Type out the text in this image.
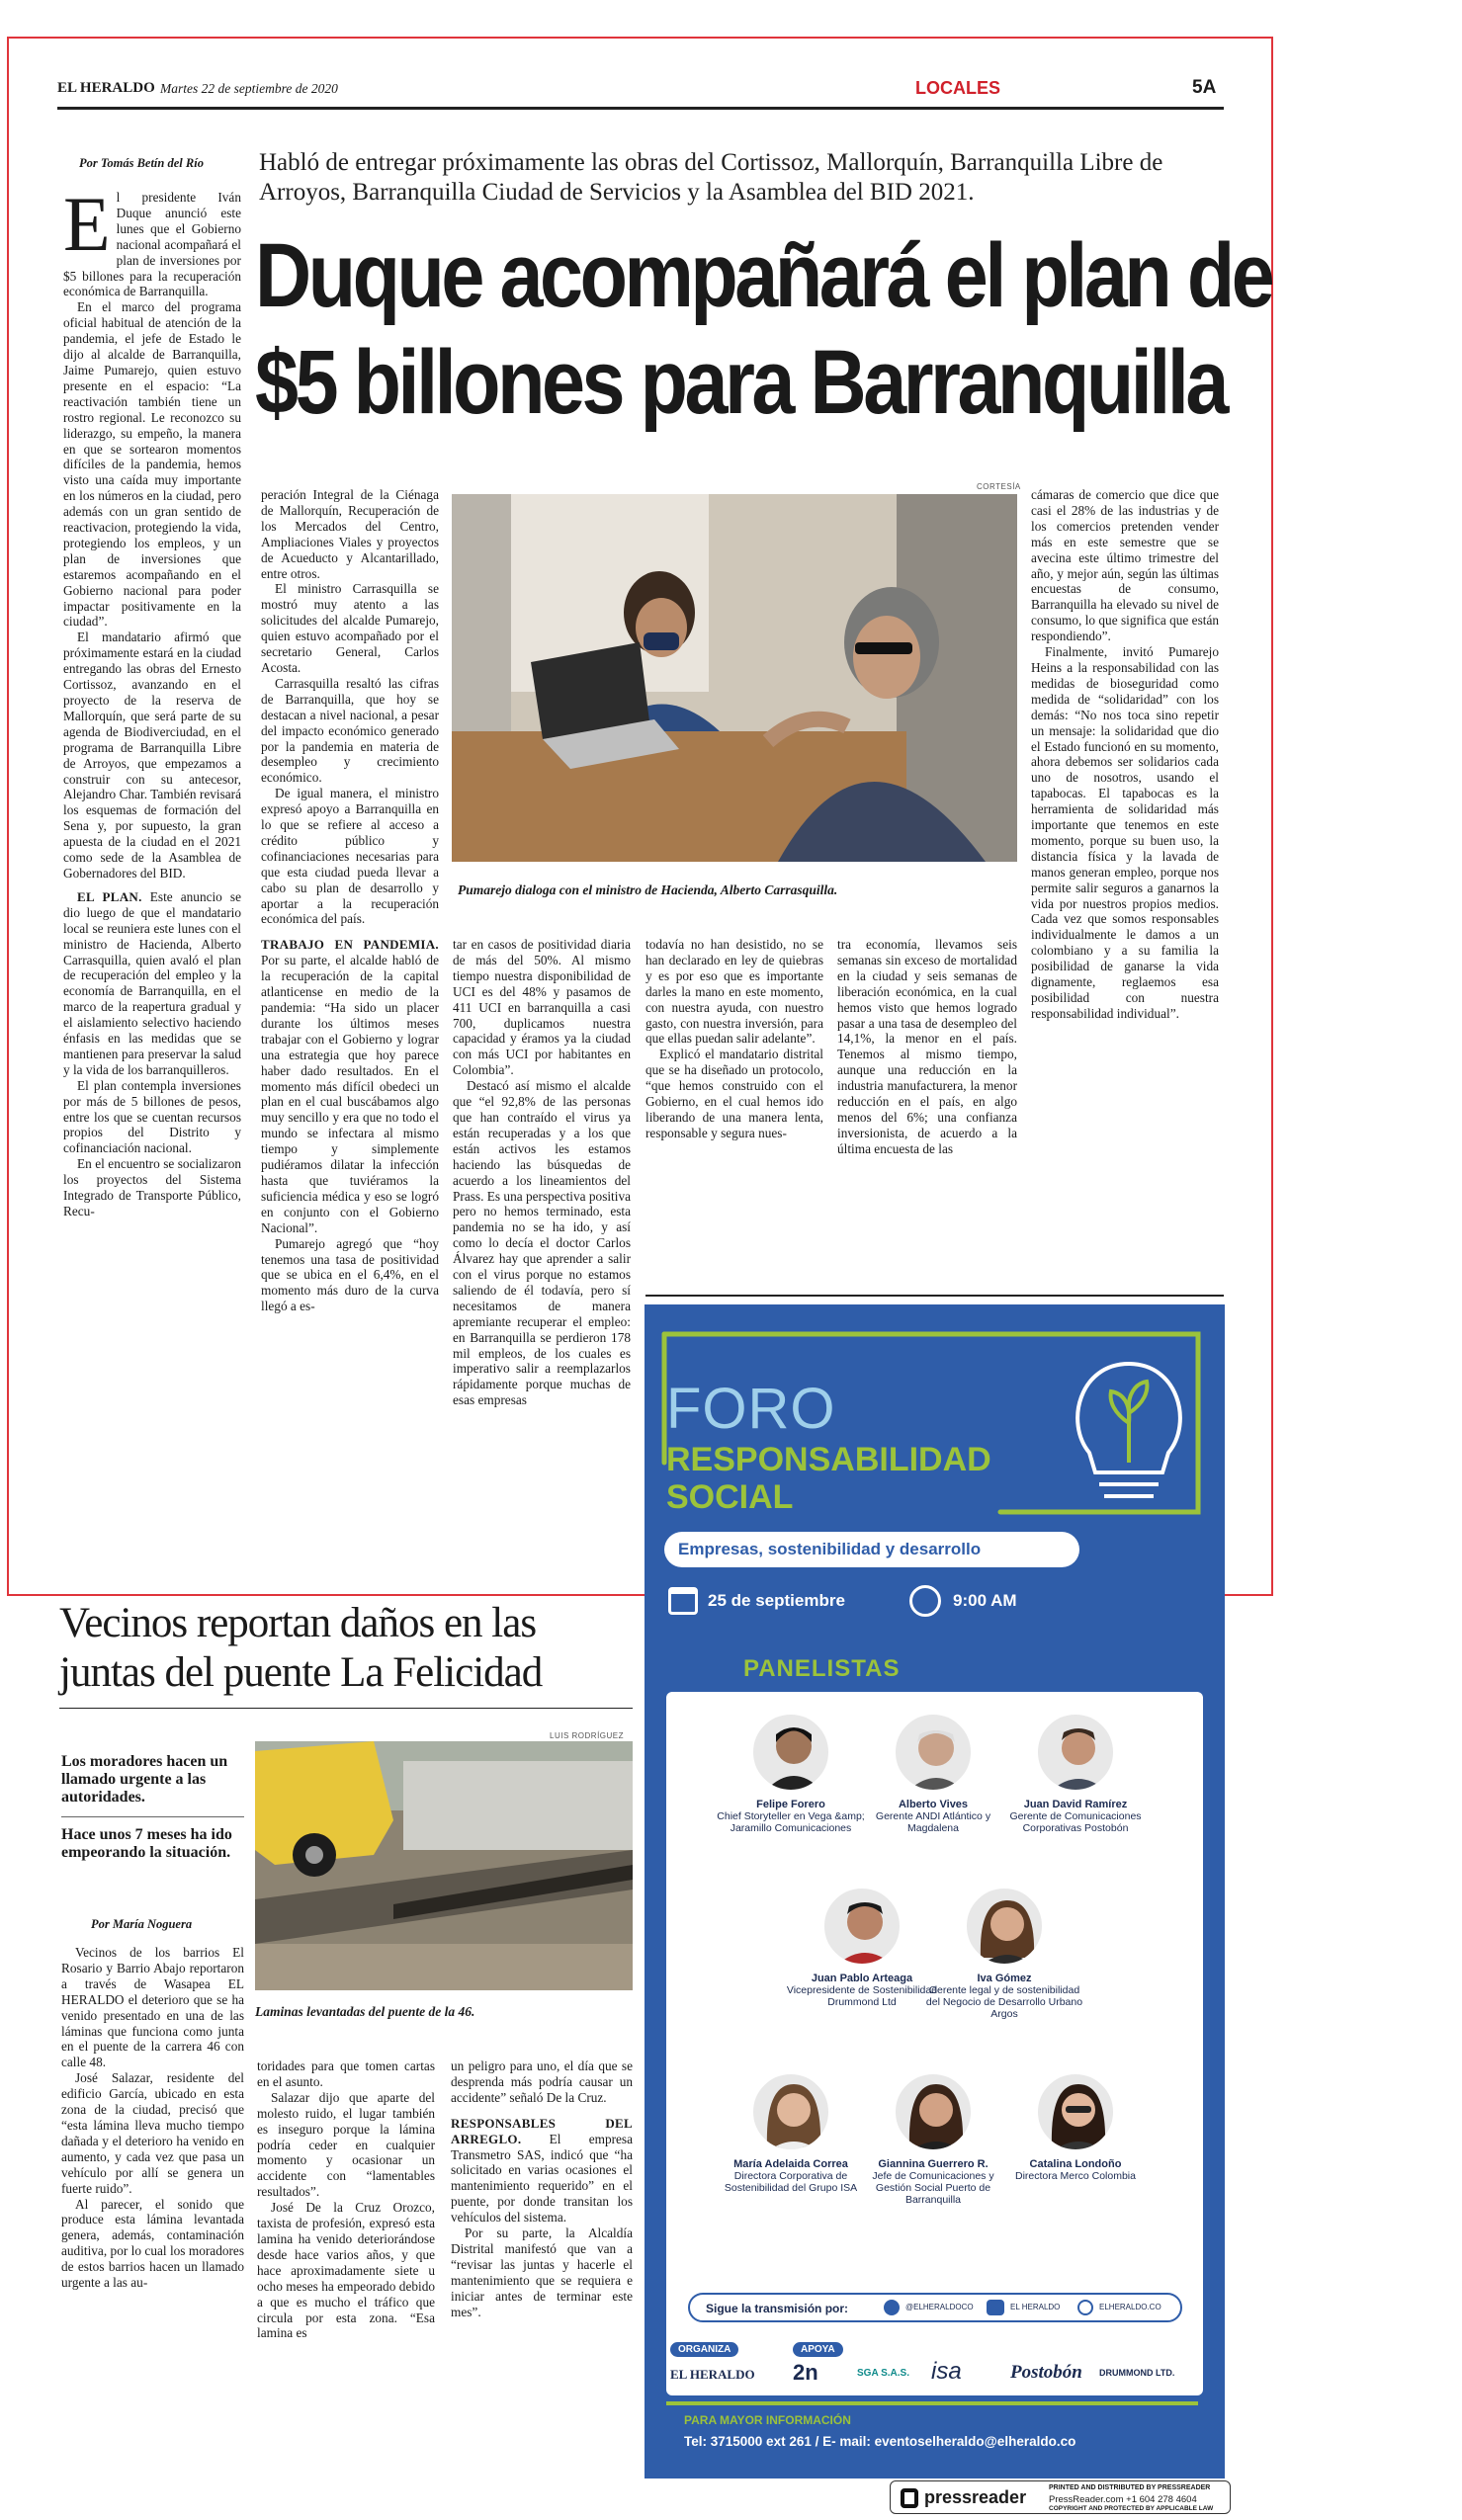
EL HERALDO Martes 22 de septiembre de 2020	LOCALES	5A
Por Tomás Betín del Río Habló de entregar próximamente las obras del Cortissoz, Mallorquín, Barranquilla Libre de Arroyos, Barranquilla Ciudad de Servicios y la Asamblea del BID 2021.
Duque acompañará el plan de
$5 billones para Barranquilla
E l presidente Iván Duque anunció este lunes que el Gobierno nacional acompañará el plan de inversiones por $5 billones para la recuperación económica de Barranquilla.

En el marco del programa oficial habitual de atención de la pandemia, el jefe de Estado le dijo al alcalde de Barranquilla, Jaime Pumarejo, quien estuvo presente en el espacio: “La reactivación también tiene un rostro regional. Le reconozco su liderazgo, su empeño, la manera en que se sortearon momentos difíciles de la pandemia, hemos visto una caída muy importante en los números en la ciudad, pero además con un gran sentido de reactivacion, protegiendo la vida, protegiendo los empleos, y un plan de inversiones que estaremos acompañando en el Gobierno nacional para poder impactar positivamente en la ciudad”.

El mandatario afirmó que próximamente estará en la ciudad entregando las obras del Ernesto Cortissoz, avanzando en el proyecto de la reserva de Mallorquín, que será parte de su agenda de Biodiverciudad, en el programa de Barranquilla Libre de Arroyos, que empezamos a construir con su antecesor, Alejandro Char. También revisará los esquemas de formación del Sena y, por supuesto, la gran apuesta de la ciudad en el 2021 como sede de la Asamblea de Gobernadores del BID.

EL PLAN. Este anuncio se dio luego de que el mandatario local se reuniera este lunes con el ministro de Hacienda, Alberto Carrasquilla, quien avaló el plan de recuperación del empleo y la economía de Barranquilla, en el marco de la reapertura gradual y el aislamiento selectivo haciendo énfasis en las medidas que se mantienen para preservar la salud y la vida de los barranquilleros.

El plan contempla inversiones por más de 5 billones de pesos, entre los que se cuentan recursos propios del Distrito y cofinanciación nacional.

En el encuentro se socializaron los proyectos del Sistema Integrado de Transporte Público, Recu-

CORTESÍA
Pumarejo dialoga con el ministro de Hacienda, Alberto Carrasquilla.

peración Integral de la Ciénaga de Mallorquín, Recuperación de los Mercados del Centro, Ampliaciones Viales y proyectos de Acueducto y Alcantarillado, entre otros.

El ministro Carrasquilla se mostró muy atento a las solicitudes del alcalde Pumarejo, quien estuvo acompañado por el secretario General, Carlos Acosta.

Carrasquilla resaltó las cifras de Barranquilla, que hoy se destacan a nivel nacional, a pesar del impacto económico generado por la pandemia en materia de desempleo y crecimiento económico.

De igual manera, el ministro expresó apoyo a Barranquilla en lo que se refiere al acceso a crédito público y cofinanciaciones necesarias para que esta ciudad pueda llevar a cabo su plan de desarrollo y aportar a la recuperación económica del país.

TRABAJO EN PANDEMIA. Por su parte, el alcalde habló de la recuperación de la capital atlanticense en medio de la pandemia: “Ha sido un placer durante los últimos meses trabajar con el Gobierno y lograr una estrategia que hoy parece haber dado resultados. En el momento más difícil obedeci un plan en el cual buscábamos algo muy sencillo y era que no todo el mundo se infectara al mismo tiempo y simplemente pudiéramos dilatar la infección hasta que tuviéramos la suficiencia médica y eso se logró en conjunto con el Gobierno Nacional”.

Pumarejo agregó que “hoy tenemos una tasa de positividad que se ubica en el 6,4%, en el momento más duro de la curva llegó a es-

tar en casos de positividad diaria de más del 50%. Al mismo tiempo nuestra disponibilidad de UCI es del 48% y pasamos de 411 UCI en barranquilla a casi 700, duplicamos nuestra capacidad y éramos ya la ciudad con más UCI por habitantes en Colombia”.

Destacó así mismo el alcalde que “el 92,8% de las personas que han contraído el virus ya están recuperadas y a los que están activos les estamos haciendo las búsquedas de acuerdo a los lineamientos del Prass. Es una perspectiva positiva pero no hemos terminado, esta pandemia no se ha ido, y así como lo decía el doctor Carlos Álvarez hay que aprender a salir con el virus porque no estamos saliendo de él todavía, pero sí necesitamos de manera apremiante recuperar el empleo: en Barranquilla se perdieron 178 mil empleos, de los cuales es imperativo salir a reemplazarlos rápidamente porque muchas de esas empresas

todavía no han desistido, no se han declarado en ley de quiebras y es por eso que es importante darles la mano en este momento, con nuestra ayuda, con nuestro gasto, con nuestra inversión, para que ellas puedan salir adelante”.

Explicó el mandatario distrital que se ha diseñado un protocolo, “que hemos construido con el Gobierno, en el cual hemos ido liberando de una manera lenta, responsable y segura nues-

tra economía, llevamos seis semanas sin exceso de mortalidad en la ciudad y seis semanas de liberación económica, en la cual hemos visto que hemos logrado pasar a una tasa de desempleo del 14,1%, la menor en el país. Tenemos al mismo tiempo, aunque una reducción en la industria manufacturera, la menor reducción en el país, en algo menos del 6%; una confianza inversionista, de acuerdo a la última encuesta de las

cámaras de comercio que dice que casi el 28% de las industrias y de los comercios pretenden vender más en este semestre que se avecina este último trimestre del año, y mejor aún, según las últimas encuestas de consumo, Barranquilla ha elevado su nivel de consumo, lo que significa que están respondiendo”.

Finalmente, invitó Pumarejo Heins a la responsabilidad con las medidas de bioseguridad como medida de “solidaridad” con los demás: “No nos toca sino repetir un mensaje: la solidaridad que dio el Estado funcionó en su momento, ahora debemos ser solidarios cada uno de nosotros, usando el tapabocas. El tapabocas es la herramienta de solidaridad más importante que tenemos en este momento, porque su buen uso, la distancia física y la lavada de manos generan empleo, porque nos permite salir seguros a ganarnos la vida por nuestros propios medios. Cada vez que somos responsables individualmente le damos a un colombiano y a su familia la posibilidad de ganarse la vida dignamente, reglaemos esa posibilidad con nuestra responsabilidad individual”.

Vecinos reportan daños en las
juntas del puente La Felicidad
Los moradores hacen un llamado urgente a las autoridades.
Hace unos 7 meses ha ido empeorando la situación.
Por María Noguera
LUIS RODRÍGUEZ
Laminas levantadas del puente de la 46.

Vecinos de los barrios El Rosario y Barrio Abajo reportaron a través de Wasapea EL HERALDO el deterioro que se ha venido presentado en una de las láminas que funciona como junta en el puente de la carrera 46 con calle 48.

José Salazar, residente del edificio García, ubicado en esta zona de la ciudad, precisó que “esta lámina lleva mucho tiempo dañada y el deterioro ha venido en aumento, y cada vez que pasa un vehículo por allí se genera un fuerte ruido”.

Al parecer, el sonido que produce esta lámina levantada genera, además, contaminación auditiva, por lo cual los moradores de estos barrios hacen un llamado urgente a las au-

toridades para que tomen cartas en el asunto.

Salazar dijo que aparte del molesto ruido, el lugar también es inseguro porque la lámina podría ceder en cualquier momento y ocasionar un accidente con “lamentables resultados”.

José De la Cruz Orozco, taxista de profesión, expresó esta lamina ha venido deteriorándose desde hace varios años, y que hace aproximadamente siete u ocho meses ha empeorado debido a que es mucho el tráfico que circula por esta zona. “Esa lamina es

un peligro para uno, el día que se desprenda más podría causar un accidente” señaló De la Cruz.

RESPONSABLES DEL ARREGLO. El empresa Transmetro SAS, indicó que “ha solicitado en varias ocasiones el mantenimiento requerido” en el puente, por donde transitan los vehículos del sistema.

Por su parte, la Alcaldía Distrital manifestó que van a “revisar las juntas y hacerle el mantenimiento que se requiera e iniciar antes de terminar este mes”.

FORO
RESPONSABILIDAD
SOCIAL
Empresas, sostenibilidad y desarrollo
25 de septiembre	9:00 AM
PANELISTAS
Felipe Forero
Chief Storyteller en Vega &amp; Jaramillo Comunicaciones
Alberto Vives
Gerente ANDI Atlántico y Magdalena
Juan David Ramírez
Gerente de Comunicaciones Corporativas Postobón
Juan Pablo Arteaga
Vicepresidente de Sostenibilidad Drummond Ltd
Iva Gómez
Gerente legal y de sostenibilidad del Negocio de Desarrollo Urbano Argos
María Adelaida Correa
Directora Corporativa de Sostenibilidad del Grupo ISA
Giannina Guerrero R.
Jefe de Comunicaciones y Gestión Social Puerto de Barranquilla
Catalina Londoño
Directora Merco Colombia
Sigue la transmisión por:	@ELHERALDOCO	EL HERALDO	ELHERALDO.CO
ORGANIZA
EL HERALDO
APOYA
2n	SGA S.A.S. isa	Postobón DRUMMOND LTD.
PARA MAYOR INFORMACIÓN
Tel: 3715000 ext 261 / E- mail: eventoselheraldo@elheraldo.co
pressreader	PRINTED AND DISTRIBUTED BY PRESSREADER
PressReader.com +1 604 278 4604
COPYRIGHT AND PROTECTED BY APPLICABLE LAW
